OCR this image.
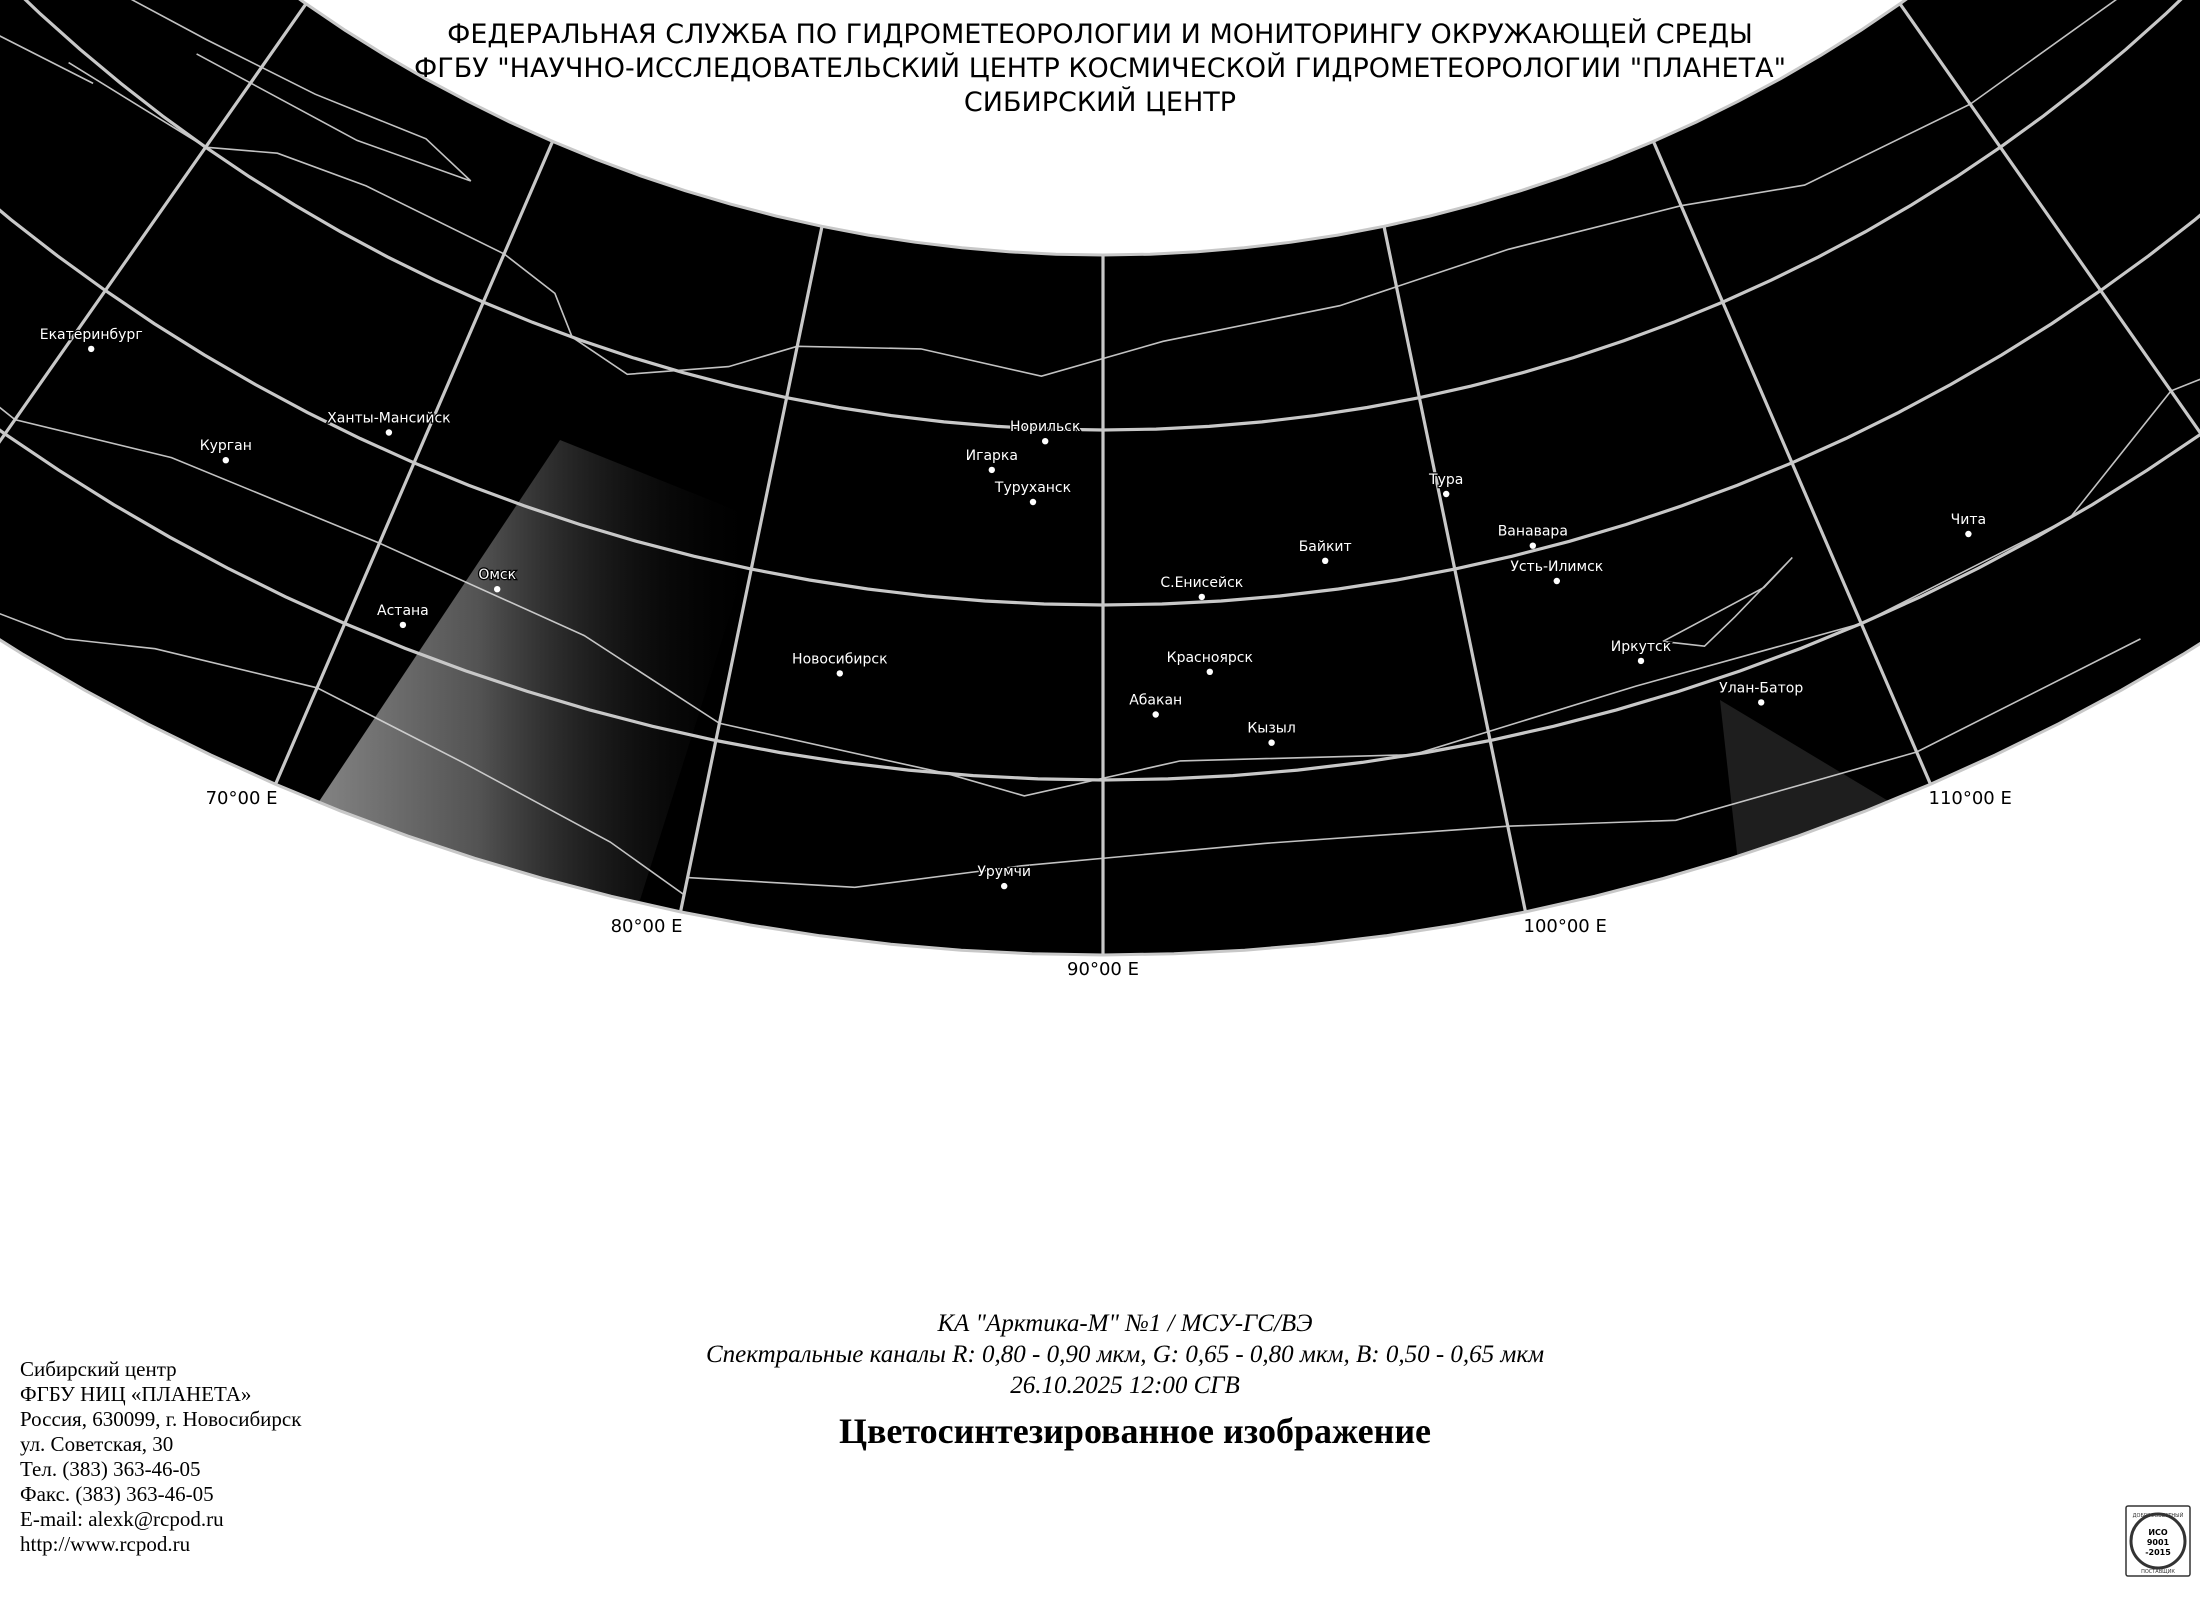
ФЕДЕРАЛЬНАЯ СЛУЖБА ПО ГИДРОМЕТЕОРОЛОГИИ И МОНИТОРИНГУ ОКРУЖАЮЩЕЙ СРЕДЫ
ФГБУ "НАУЧНО-ИССЛЕДОВАТЕЛЬСКИЙ ЦЕНТР КОСМИЧЕСКОЙ ГИДРОМЕТЕОРОЛОГИИ "ПЛАНЕТА"
СИБИРСКИЙ ЦЕНТР
70°00 E
80°00 E
90°00 E
100°00 E
110°00 E
Екатеринбург
Ханты-Мансийск
Курган
Омск
Астана
Новосибирск
Норильск
Игарка
Туруханск	Тура
Байкит
Ванавара
С.Енисейск
Усть-Илимск
Красноярск
Абакан
Кызыл
Иркутск
Чита
Улан-Батор
Урумчи
КА "Арктика-М" №1 / МСУ-ГС/ВЭ
Спектральные каналы R: 0,80 - 0,90 мкм, G: 0,65 - 0,80 мкм, B: 0,50 - 0,65 мкм
26.10.2025 12:00 СГВ
Цветосинтезированное изображение
Сибирский центр
ФГБУ НИЦ «ПЛАНЕТА»
Россия, 630099, г. Новосибирск
ул. Советская, 30
Тел. (383) 363-46-05
Факс. (383) 363-46-05
E-mail: alexk@rcpod.ru
http://www.rcpod.ru
ДОБРОСОВЕСТНЫЙ
ИСО
9001
-2015
ПОСТАВЩИК
